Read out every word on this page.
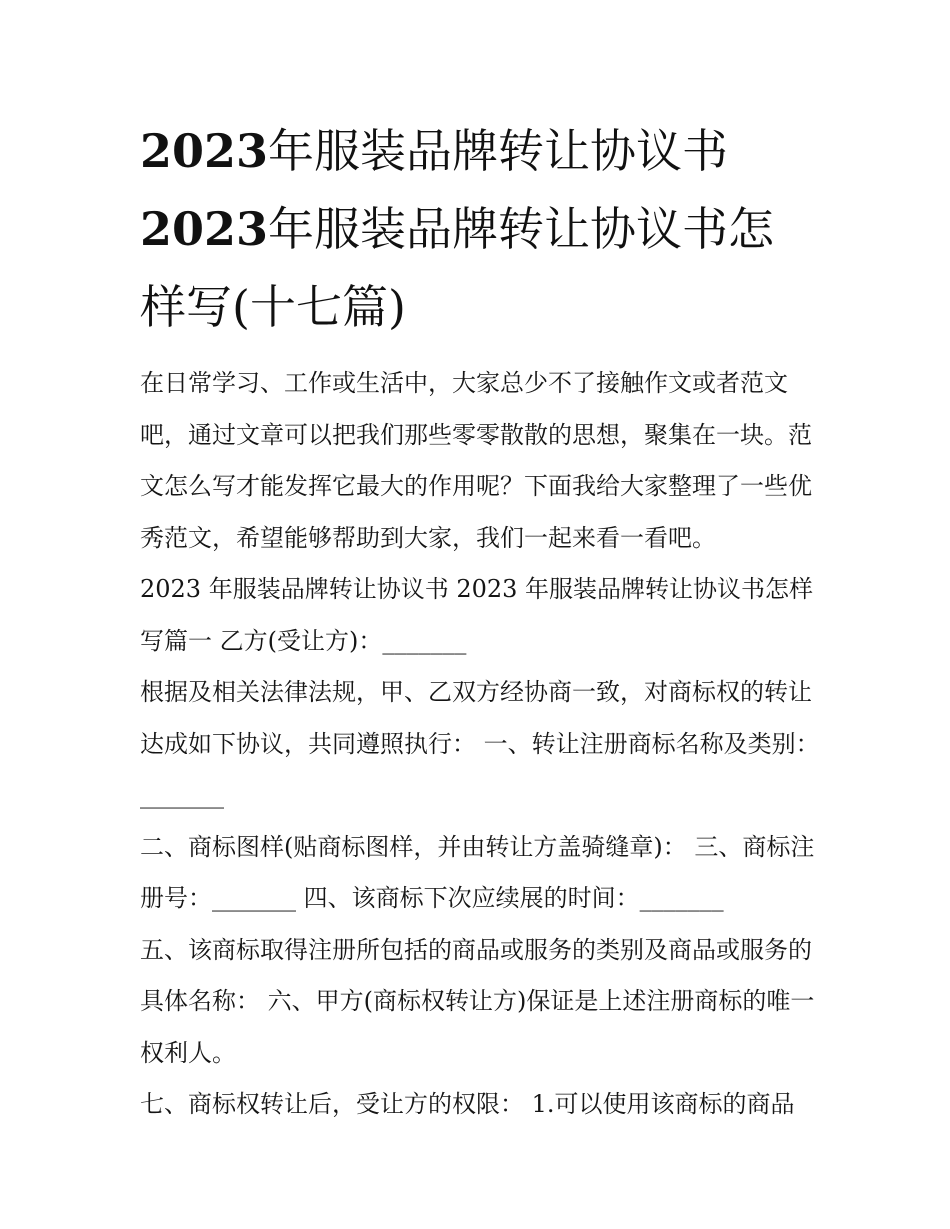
2023年服装品牌转让协议书
2023年服装品牌转让协议书怎样写(十七篇)

在日常学习、工作或生活中，大家总少不了接触作文或者范文吧，通过文章可以把我们那些零零散散的思想，聚集在一块。范文怎么写才能发挥它最大的作用呢？下面我给大家整理了一些优秀范文，希望能够帮助到大家，我们一起来看一看吧。

2023 年服装品牌转让协议书 2023 年服装品牌转让协议书怎样写篇一 乙方(受让方)：_______

根据及相关法律法规，甲、乙双方经协商一致，对商标权的转让达成如下协议，共同遵照执行： 一、转让注册商标名称及类别：_______

二、商标图样(贴商标图样，并由转让方盖骑缝章)： 三、商标注册号：_______ 四、该商标下次应续展的时间：_______

五、该商标取得注册所包括的商品或服务的类别及商品或服务的具体名称： 六、甲方(商标权转让方)保证是上述注册商标的唯一权利人。

七、商标权转让后，受让方的权限： 1.可以使用该商标的商品
